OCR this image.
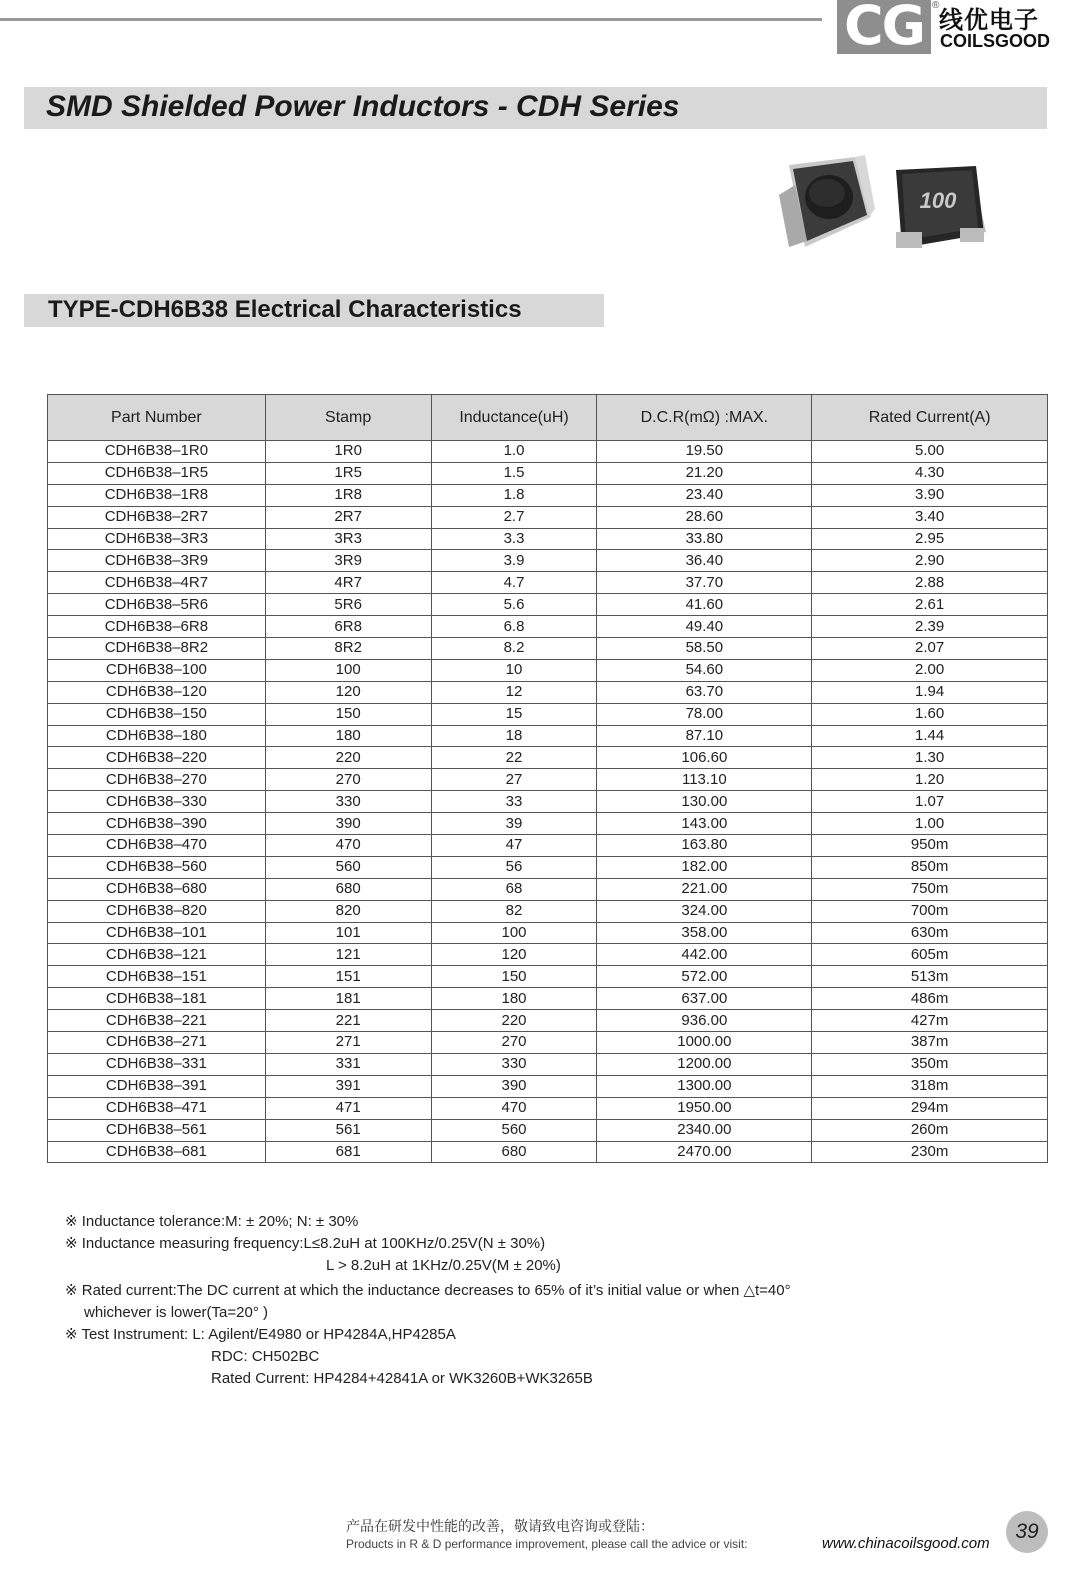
CG ®
线优电子
COILSGOOD
SMD Shielded Power Inductors - CDH Series
100
TYPE-CDH6B38 Electrical Characteristics
Part Number	Stamp	Inductance(uH)	D.C.R(mΩ) :MAX.	Rated Current(A)
CDH6B38–1R0	1R0	1.0	19.50	5.00
CDH6B38–1R5	1R5	1.5	21.20	4.30
CDH6B38–1R8	1R8	1.8	23.40	3.90
CDH6B38–2R7	2R7	2.7	28.60	3.40
CDH6B38–3R3	3R3	3.3	33.80	2.95
CDH6B38–3R9	3R9	3.9	36.40	2.90
CDH6B38–4R7	4R7	4.7	37.70	2.88
CDH6B38–5R6	5R6	5.6	41.60	2.61
CDH6B38–6R8	6R8	6.8	49.40	2.39
CDH6B38–8R2	8R2	8.2	58.50	2.07
CDH6B38–100	100	10	54.60	2.00
CDH6B38–120	120	12	63.70	1.94
CDH6B38–150	150	15	78.00	1.60
CDH6B38–180	180	18	87.10	1.44
CDH6B38–220	220	22	106.60	1.30
CDH6B38–270	270	27	113.10	1.20
CDH6B38–330	330	33	130.00	1.07
CDH6B38–390	390	39	143.00	1.00
CDH6B38–470	470	47	163.80	950m
CDH6B38–560	560	56	182.00	850m
CDH6B38–680	680	68	221.00	750m
CDH6B38–820	820	82	324.00	700m
CDH6B38–101	101	100	358.00	630m
CDH6B38–121	121	120	442.00	605m
CDH6B38–151	151	150	572.00	513m
CDH6B38–181	181	180	637.00	486m
CDH6B38–221	221	220	936.00	427m
CDH6B38–271	271	270	1000.00	387m
CDH6B38–331	331	330	1200.00	350m
CDH6B38–391	391	390	1300.00	318m
CDH6B38–471	471	470	1950.00	294m
CDH6B38–561	561	560	2340.00	260m
CDH6B38–681	681	680	2470.00	230m
※ Inductance tolerance:M: ± 20%; N: ± 30%
※ Inductance measuring frequency:L≤8.2uH at 100KHz/0.25V(N ± 30%)
L > 8.2uH at 1KHz/0.25V(M ± 20%)
※ Rated current:The DC current at which the inductance decreases to 65% of it’s initial value or when △t=40°
whichever is lower(Ta=20° )
※ Test Instrument: L: Agilent/E4980 or HP4284A,HP4285A
RDC: CH502BC
Rated Current: HP4284+42841A or WK3260B+WK3265B
产品在研发中性能的改善，敬请致电咨询或登陆：
Products in R & D performance improvement, please call the advice or visit:	www.chinacoilsgood.com
39
